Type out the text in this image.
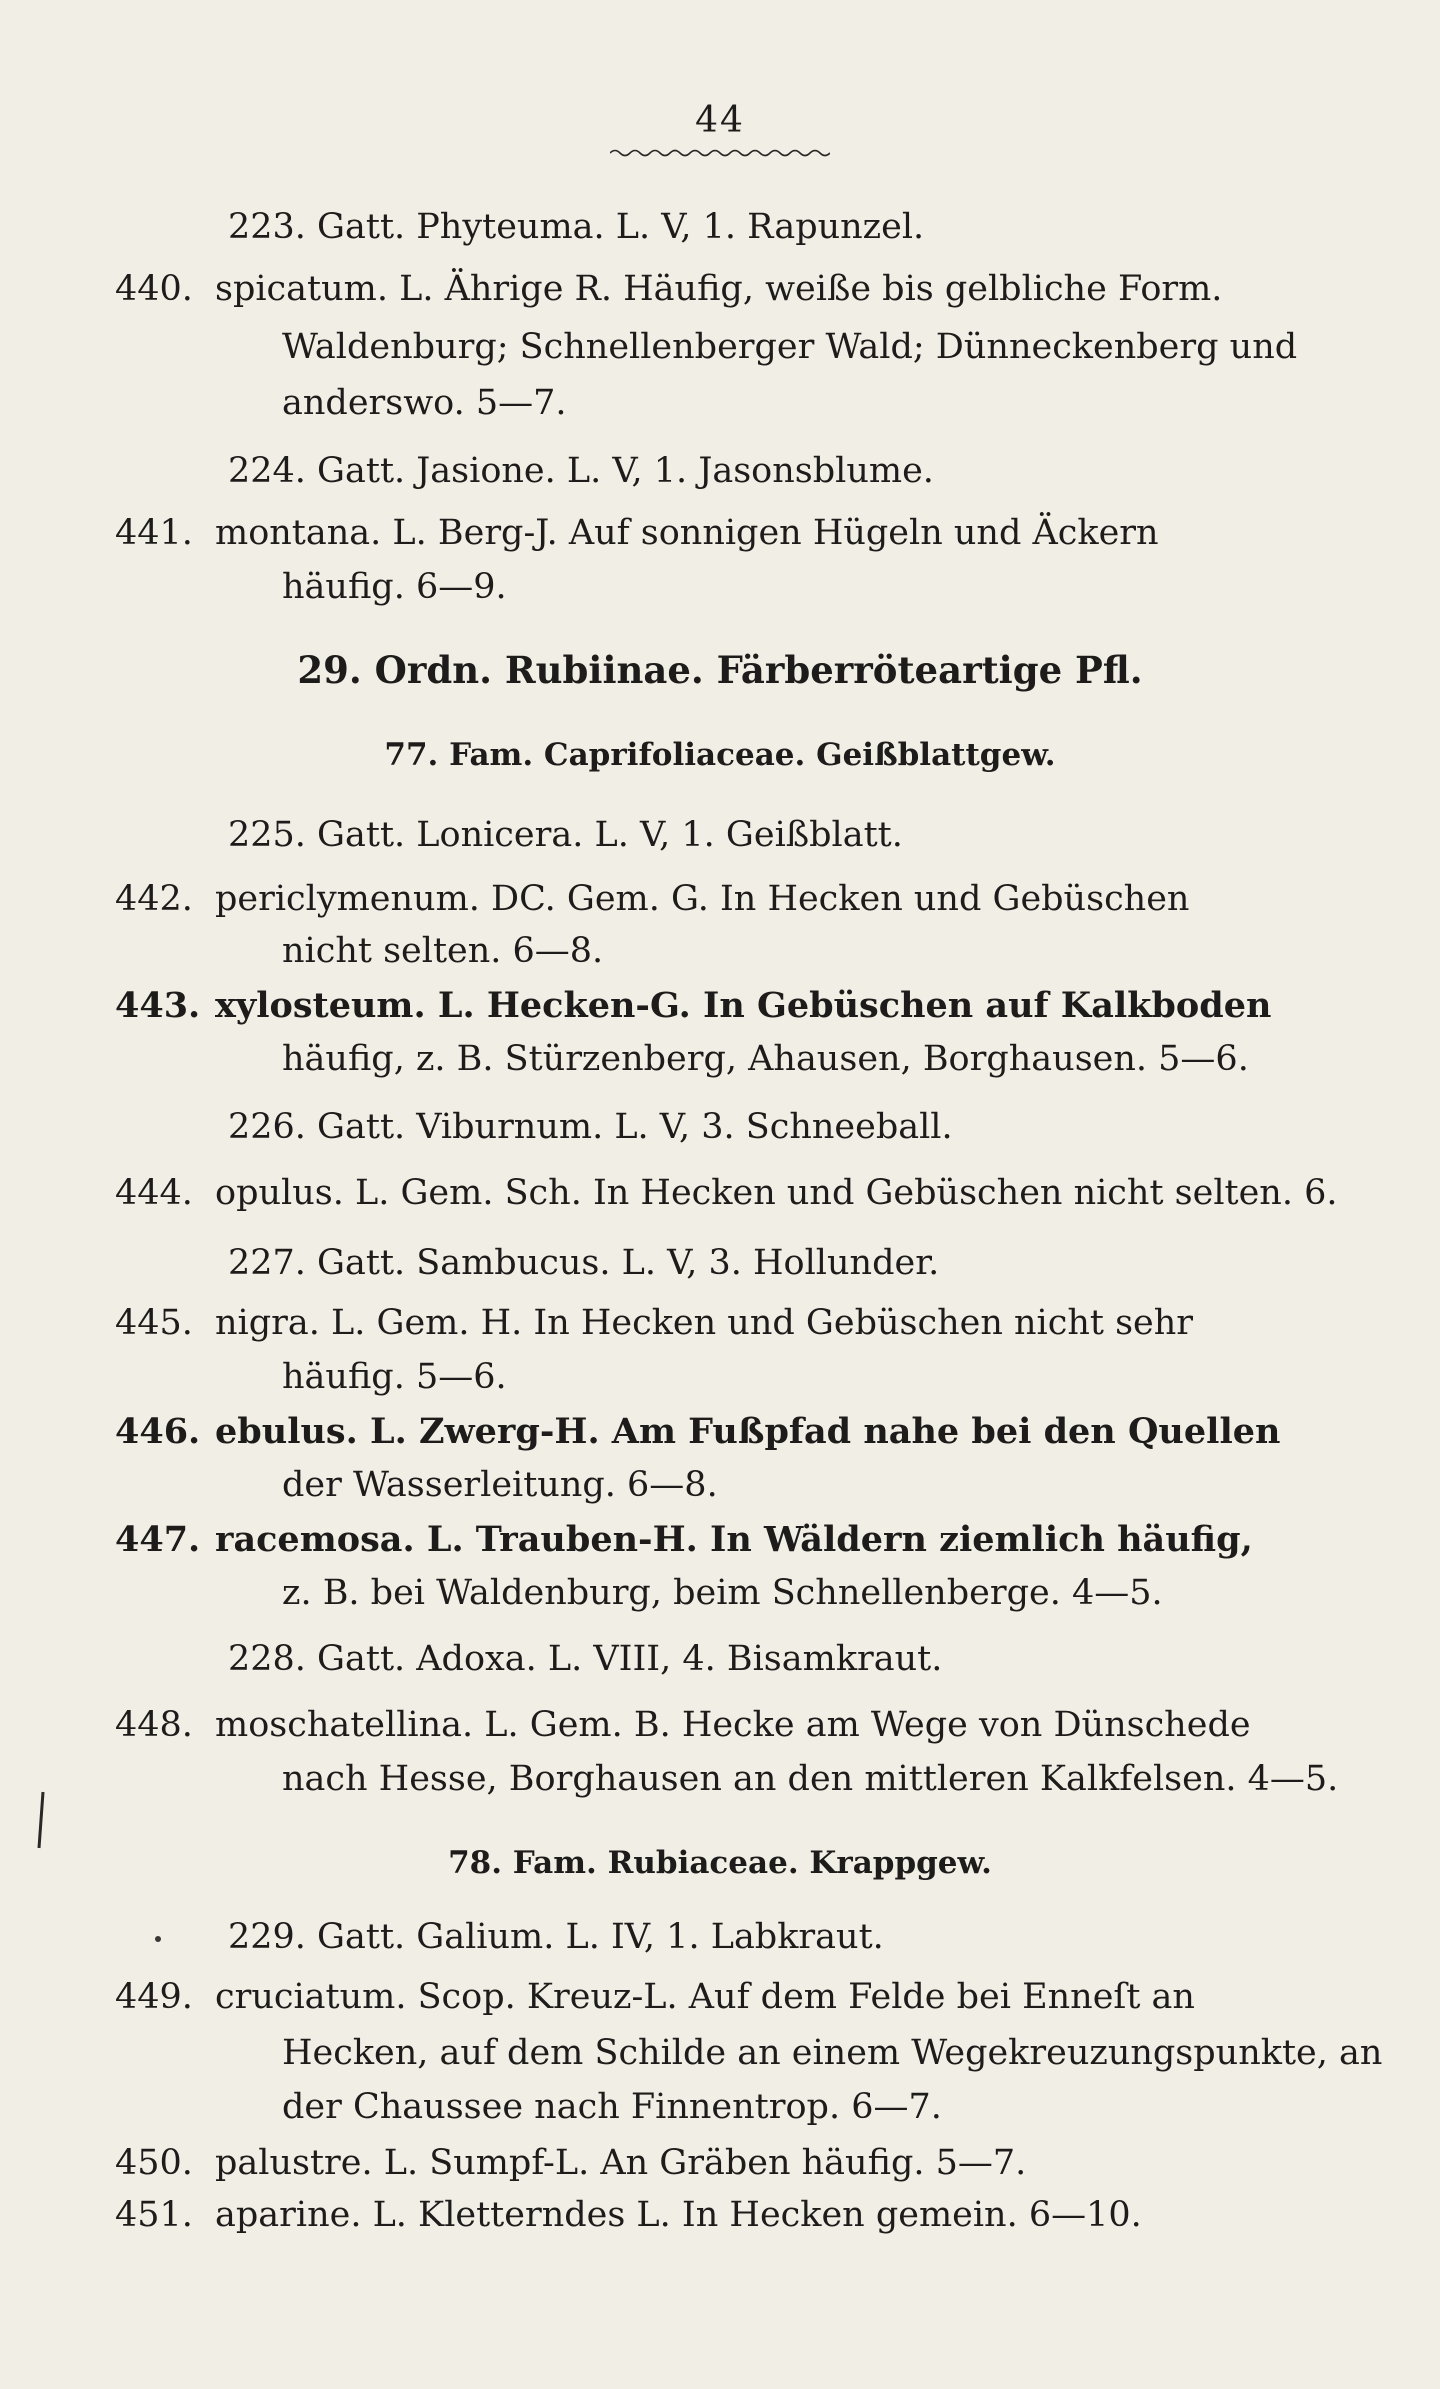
44
223. Gatt. Phyteuma. L. V, 1. Rapunzel.
440. spicatum. L. Ährige R. Häufig, weiße bis gelbliche Form.
Waldenburg; Schnellenberger Wald; Dünneckenberg und
anderswo. 5—7.
224. Gatt. Jasione. L. V, 1. Jasonsblume.
441. montana. L. Berg-J. Auf sonnigen Hügeln und Äckern
häufig. 6—9.
29. Ordn. Rubiinae. Färberröteartige Pfl.
77. Fam. Caprifoliaceae. Geißblattgew.
225. Gatt. Lonicera. L. V, 1. Geißblatt.
442. periclymenum. DC. Gem. G. In Hecken und Gebüschen
nicht selten. 6—8.
443. xylosteum. L. Hecken-G. In Gebüschen auf Kalkboden
häufig, z. B. Stürzenberg, Ahausen, Borghausen. 5—6.
226. Gatt. Viburnum. L. V, 3. Schneeball.
444. opulus. L. Gem. Sch. In Hecken und Gebüschen nicht selten. 6.
227. Gatt. Sambucus. L. V, 3. Hollunder.
445. nigra. L. Gem. H. In Hecken und Gebüschen nicht sehr
häufig. 5—6.
446. ebulus. L. Zwerg-H. Am Fußpfad nahe bei den Quellen
der Wasserleitung. 6—8.
447. racemosa. L. Trauben-H. In Wäldern ziemlich häufig,
z. B. bei Waldenburg, beim Schnellenberge. 4—5.
228. Gatt. Adoxa. L. VIII, 4. Bisamkraut.
448. moschatellina. L. Gem. B. Hecke am Wege von Dünschede
nach Hesse, Borghausen an den mittleren Kalkfelsen. 4—5.
78. Fam. Rubiaceae. Krappgew.
229. Gatt. Galium. L. IV, 1. Labkraut.
449. cruciatum. Scop. Kreuz-L. Auf dem Felde bei Enneſt an
Hecken, auf dem Schilde an einem Wegekreuzungspunkte, an
der Chaussee nach Finnentrop. 6—7.
450. palustre. L. Sumpf-L. An Gräben häufig. 5—7.
451. aparine. L. Kletterndes L. In Hecken gemein. 6—10.
